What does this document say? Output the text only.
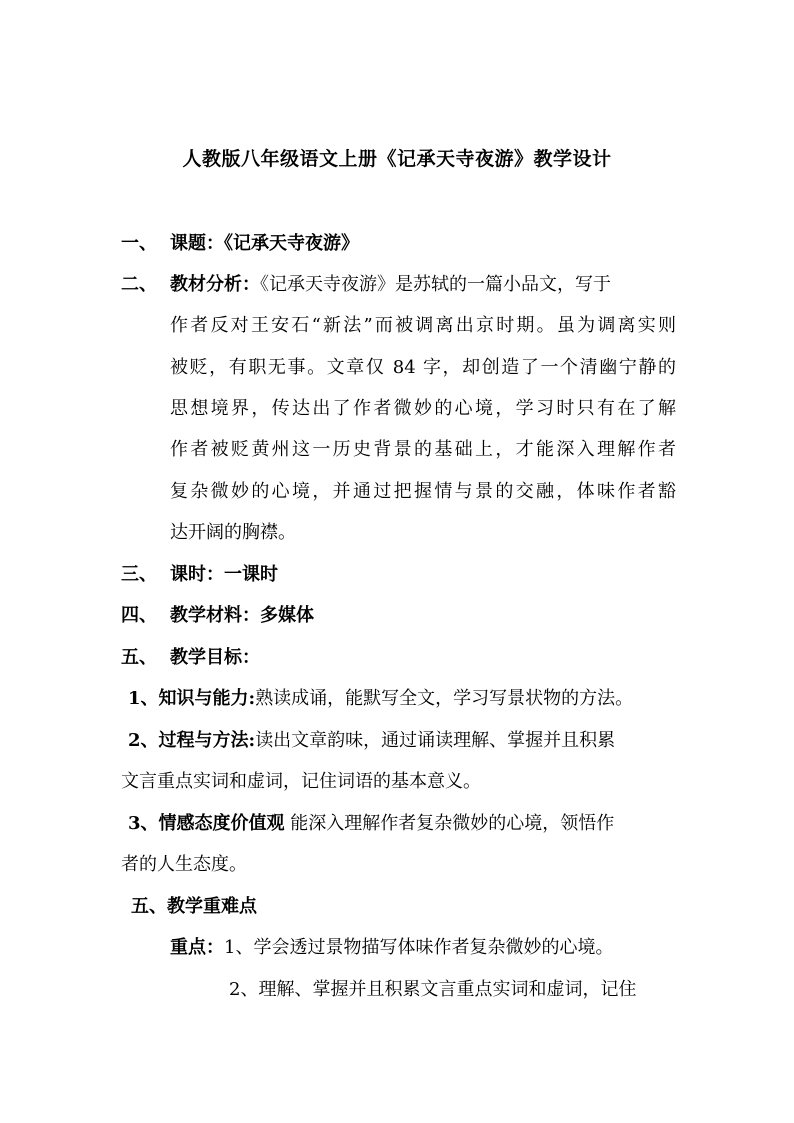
人教版八年级语文上册《记承天寺夜游》教学设计
一、 课题：《记承天寺夜游》
二、 教材分析：《记承天寺夜游》是苏轼的一篇小品文，写于
作者反对王安石“新法”而被调离出京时期。虽为调离实则
被贬，有职无事。文章仅 84 字，却创造了一个清幽宁静的
思想境界，传达出了作者微妙的心境，学习时只有在了解
作者被贬黄州这一历史背景的基础上，才能深入理解作者
复杂微妙的心境，并通过把握情与景的交融，体味作者豁
达开阔的胸襟。
三、 课时：一课时
四、 教学材料：多媒体
五、 教学目标：
1、知识与能力:熟读成诵，能默写全文，学习写景状物的方法。
2、过程与方法:读出文章韵味，通过诵读理解、掌握并且积累
文言重点实词和虚词，记住词语的基本意义。
3、情感态度价值观 能深入理解作者复杂微妙的心境，领悟作
者的人生态度。
五、教学重难点
重点：1、学会透过景物描写体味作者复杂微妙的心境。
2、理解、掌握并且积累文言重点实词和虚词，记住
